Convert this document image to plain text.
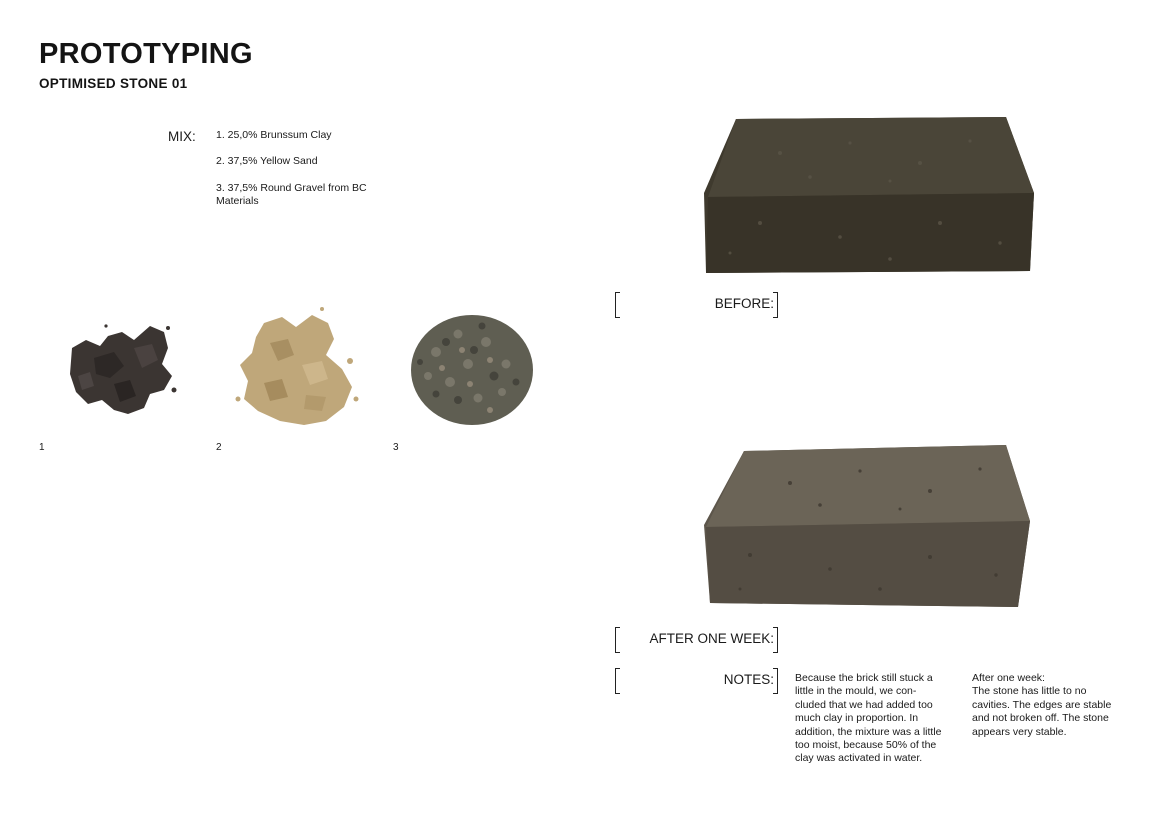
PROTOTYPING
OPTIMISED STONE 01
MIX: 1. 25,0% Brunssum Clay
2. 37,5% Yellow Sand
3. 37,5% Round Gravel from BC
Materials
1	2	3
BEFORE:
AFTER ONE WEEK:
NOTES: Because the brick still stuck a
little in the mould, we con-
cluded that we had added too
much clay in proportion. In
addition, the mixture was a little
too moist, because 50% of the
clay was activated in water.
After one week:
The stone has little to no
cavities. The edges are stable
and not broken off. The stone
appears very stable.
